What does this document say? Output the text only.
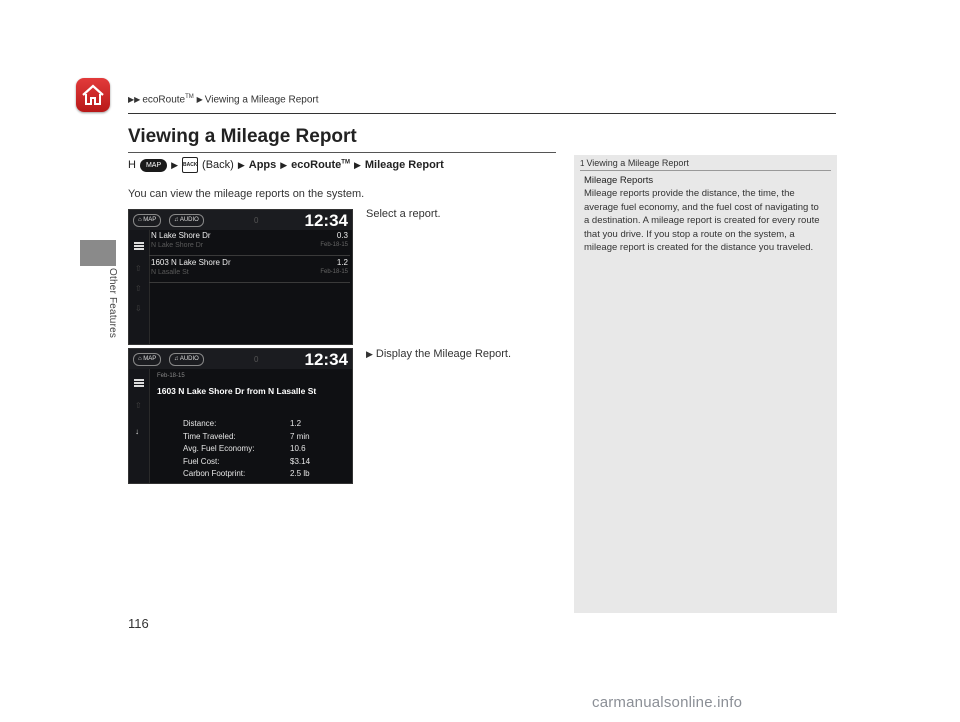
Other Features
▶▶ ecoRoute™ ▶ Viewing a Mileage Report
Viewing a Mileage Report
H	MAP	▶ BACK (Back) ▶ Apps ▶ ecoRoute™ ▶ Mileage Report
You can view the mileage reports on the system.
⌂ MAP	♫ AUDIO	0	12:34
⇧
⇧
⇩
N Lake Shore Dr	0.3
N Lake Shore Dr	Feb-18-15
1603 N Lake Shore Dr	1.2
N Lasalle St	Feb-18-15
Select a report.
⌂ MAP	♫ AUDIO	0	12:34
⇧
↓
Feb-18-15
1603 N Lake Shore Dr from N Lasalle St
Distance:	1.2
Time Traveled:	7 min
Avg. Fuel Economy:	10.6
Fuel Cost:	$3.14
Carbon Footprint:	2.5 lb
▶ Display the Mileage Report.
1 Viewing a Mileage Report
Mileage Reports
Mileage reports provide the distance, the time, the average fuel economy, and the fuel cost of navigating to a destination. A mileage report is created for every route that you drive. If you stop a route on the system, a mileage report is created for the distance you traveled.
116
carmanualsonline.info
